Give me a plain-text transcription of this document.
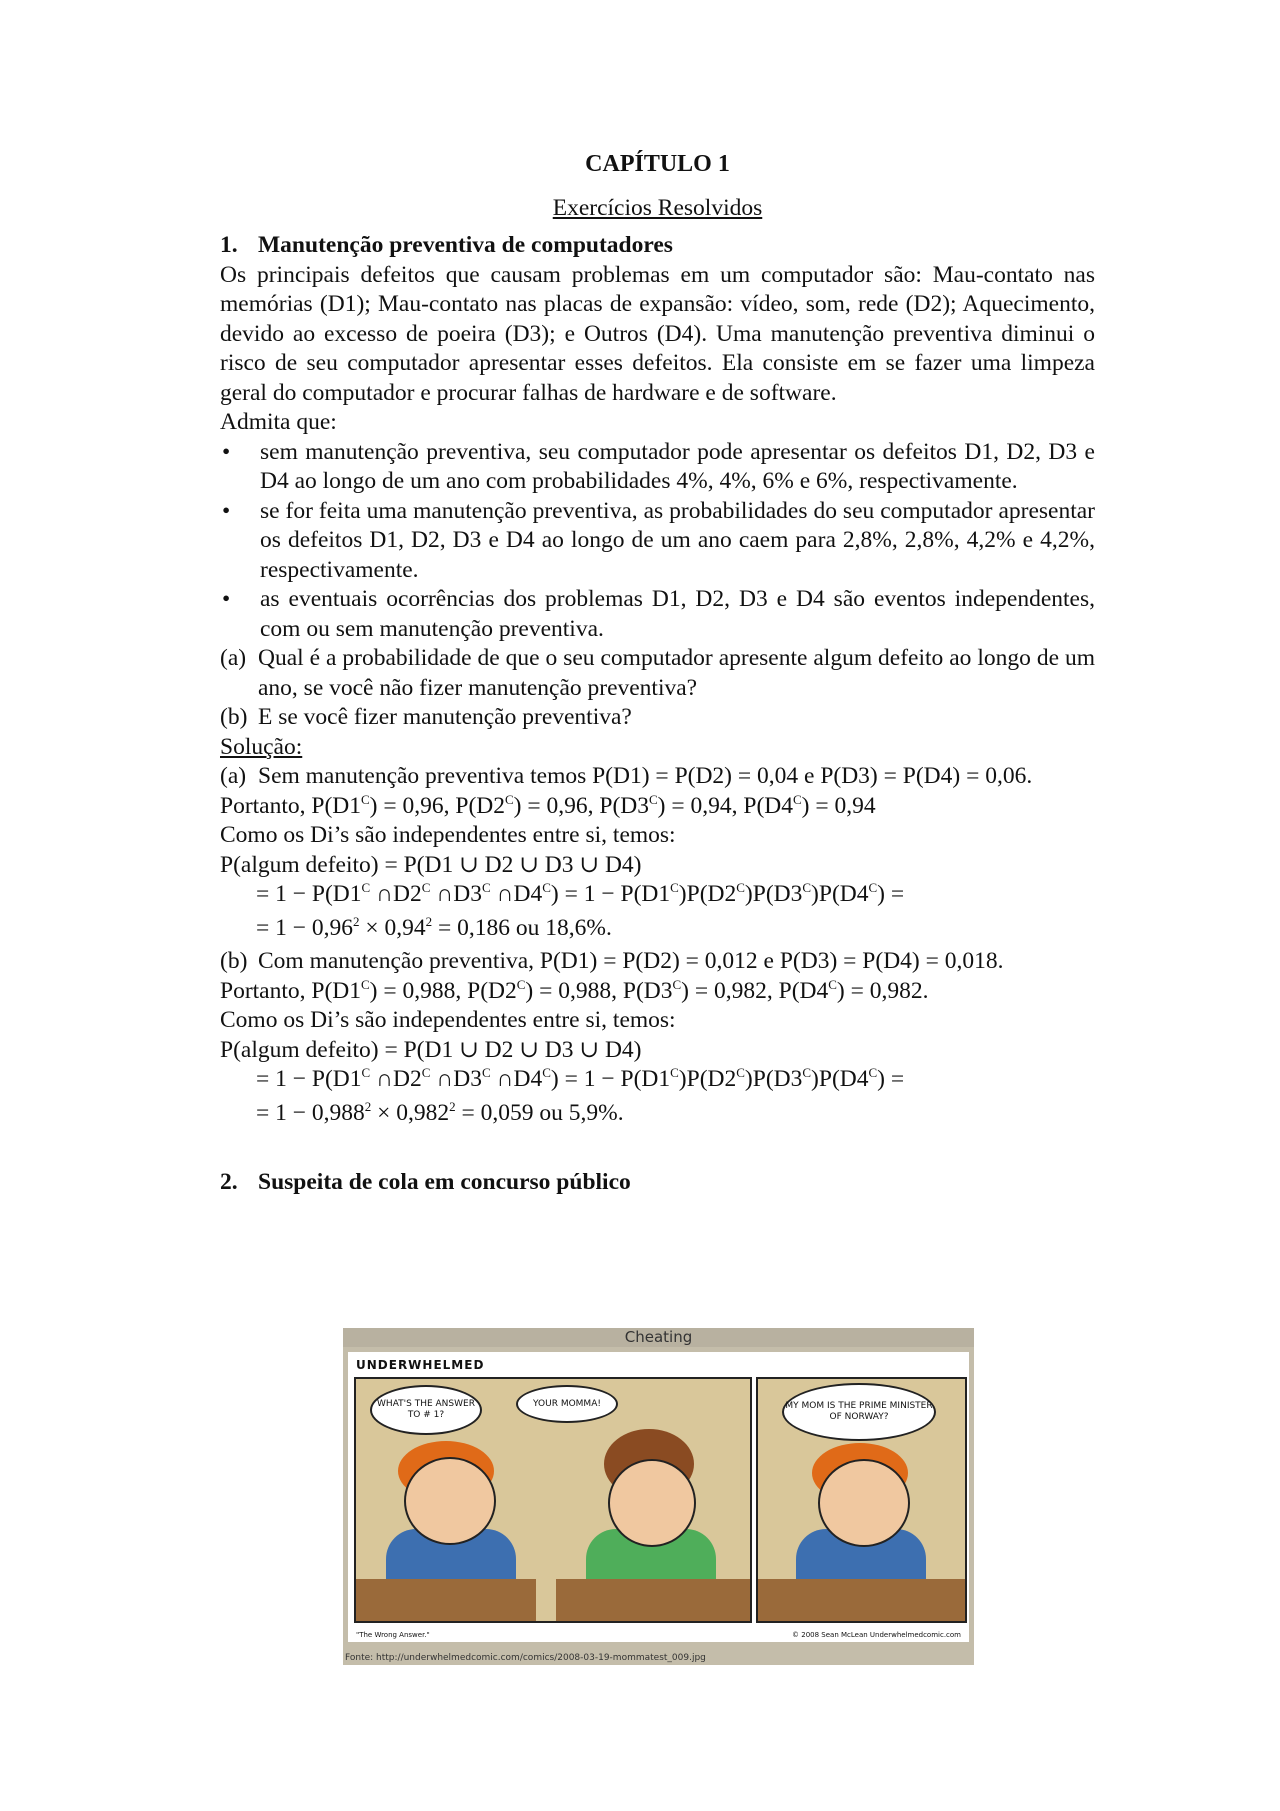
CAPÍTULO 1

Exercícios Resolvidos

1. Manutenção preventiva de computadores

Os principais defeitos que causam problemas em um computador são: Mau-contato nas memórias (D1); Mau-contato nas placas de expansão: vídeo, som, rede (D2); Aquecimento, devido ao excesso de poeira (D3); e Outros (D4). Uma manutenção preventiva diminui o risco de seu computador apresentar esses defeitos. Ela consiste em se fazer uma limpeza geral do computador e procurar falhas de hardware e de software.

Admita que:

•	sem manutenção preventiva, seu computador pode apresentar os defeitos D1, D2, D3 e D4 ao longo de um ano com probabilidades 4%, 4%, 6% e 6%, respectivamente.
•	se for feita uma manutenção preventiva, as probabilidades do seu computador apresentar os defeitos D1, D2, D3 e D4 ao longo de um ano caem para 2,8%, 2,8%, 4,2% e 4,2%, respectivamente.
•	as eventuais ocorrências dos problemas D1, D2, D3 e D4 são eventos independentes, com ou sem manutenção preventiva.
(a) Qual é a probabilidade de que o seu computador apresente algum defeito ao longo de um ano, se você não fizer manutenção preventiva?
(b) E se você fizer manutenção preventiva?

Solução:

(a) Sem manutenção preventiva temos P(D1) = P(D2) = 0,04 e P(D3) = P(D4) = 0,06.

Portanto, $P(D1^C) = 0,96$, $P(D2^C) = 0,96$, $P(D3^C) = 0,94$, $P(D4^C) = 0,94$

Como os Di’s são independentes entre si, temos:

P(algum defeito) = P(D1 ∪ D2 ∪ D3 ∪ D4)

= $1 - P(D1^C$ $\cap D2^C$ $\cap D3^C$ $\cap D4^C) = 1 - P(D1^C)P(D2^C)P(D3^C)P(D4^C)$ =

= $1 - 0,96^2 \times 0,94^2 = 0,186$ ou 18,6%.

(b) Com manutenção preventiva, P(D1) = P(D2) = 0,012 e P(D3) = P(D4) = 0,018.

Portanto, $P(D1^C) = 0,988$, $P(D2^C) = 0,988$, $P(D3^C) = 0,982$, $P(D4^C) = 0,982$.

Como os Di’s são independentes entre si, temos:

P(algum defeito) = P(D1 ∪ D2 ∪ D3 ∪ D4)

= $1 - P(D1^C$ $\cap D2^C$ $\cap D3^C$ $\cap D4^C) = 1 - P(D1^C)P(D2^C)P(D3^C)P(D4^C)$ =

= $1 - 0,988^2 \times 0,982^2 = 0,059$ ou 5,9%.

2. Suspeita de cola em concurso público
Cheating
UNDERWHELMED
WHAT'S THE ANSWER TO # 1?
YOUR MOMMA!	MY MOM IS THE PRIME MINISTER OF NORWAY?
"The Wrong Answer."	© 2008 Sean McLean Underwhelmedcomic.com
Fonte: http://underwhelmedcomic.com/comics/2008-03-19-mommatest_009.jpg
